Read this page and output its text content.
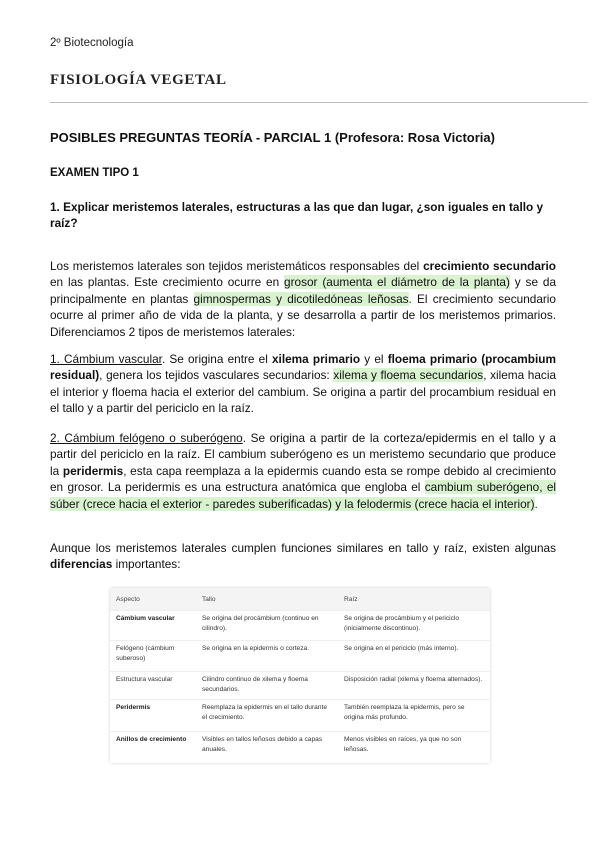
2º Biotecnología
FISIOLOGÍA VEGETAL
POSIBLES PREGUNTAS TEORÍA - PARCIAL 1 (Profesora: Rosa Victoria)
EXAMEN TIPO 1
1. Explicar meristemos laterales, estructuras a las que dan lugar, ¿son iguales en tallo y raíz?
Los meristemos laterales son tejidos meristemáticos responsables del crecimiento secundario en las plantas. Este crecimiento ocurre en grosor (aumenta el diámetro de la planta) y se da principalmente en plantas gimnospermas y dicotiledóneas leñosas. El crecimiento secundario ocurre al primer año de vida de la planta, y se desarrolla a partir de los meristemos primarios. Diferenciamos 2 tipos de meristemos laterales:
1. Cámbium vascular. Se origina entre el xilema primario y el floema primario (procambium residual), genera los tejidos vasculares secundarios: xilema y floema secundarios, xilema hacia el interior y floema hacia el exterior del cambium. Se origina a partir del procambium residual en el tallo y a partir del periciclo en la raíz.
2. Cámbium felógeno o suberógeno. Se origina a partir de la corteza/epidermis en el tallo y a partir del periciclo en la raíz. El cambium suberógeno es un meristemo secundario que produce la peridermis, esta capa reemplaza a la epidermis cuando esta se rompe debido al crecimiento en grosor. La peridermis es una estructura anatómica que engloba el cambium suberógeno, el súber (crece hacia el exterior - paredes suberificadas) y la felodermis (crece hacia el interior).
Aunque los meristemos laterales cumplen funciones similares en tallo y raíz, existen algunas diferencias importantes:
Aspecto	Tallo	Raíz
Cámbium vascular	Se origina del procámbium (continuo en cilindro).	Se origina de procámbium y el periciclo (inicialmente discontinuo).
Felógeno (cámbium suberoso)	Se origina en la epidermis o corteza.	Se origina en el periciclo (más interno).
Estructura vascular	Cilindro continuo de xilema y floema secundarios.	Disposición radial (xilema y floema alternados).
Peridermis	Reemplaza la epidermis en el tallo durante el crecimiento.	También reemplaza la epidermis, pero se origina más profundo.
Anillos de crecimiento	Visibles en tallos leñosos debido a capas anuales.	Menos visibles en raíces, ya que no son leñosas.
